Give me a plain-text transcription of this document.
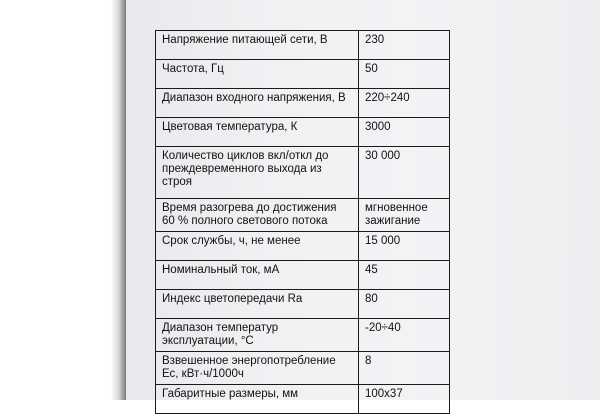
Напряжение питающей сети, В	230
Частота, Гц	50
Диапазон входного напряжения, В	220÷240
Цветовая температура, К	3000
Количество циклов вкл/откл до преждевременного выхода из строя	30 000
Время разогрева до достижения 60 % полного светового потока	мгновенное зажигание
Срок службы, ч, не менее	15 000
Номинальный ток, мА	45
Индекс цветопередачи Ra	80
Диапазон температур эксплуатации, °С	-20÷40
Взвешенное энергопотребление Ес, кВт·ч/1000ч	8
Габаритные размеры, мм	100x37
